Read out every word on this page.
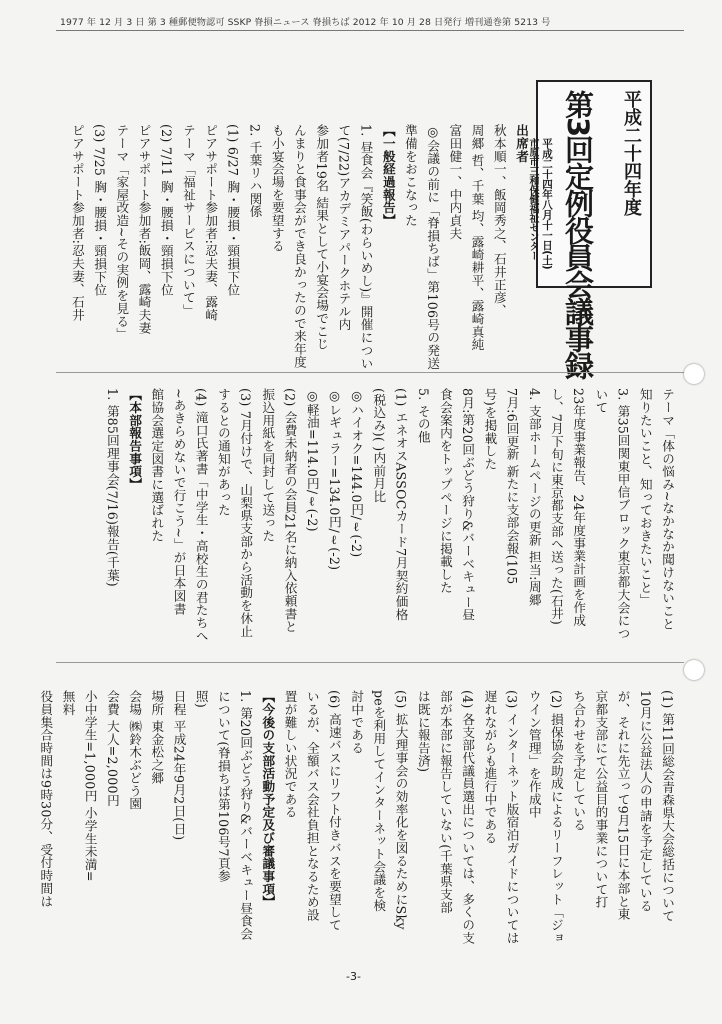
1977 年 12 月 3 日 第 3 種郵便物認可 SSKP 脊損ニュース 脊損ちば 2012 年 10 月 28 日発行 増刊通巻第 5213 号
平成二十四年度
第3回定例役員会議事録
平成二十四年八月十一日(土)
市原市三和保健福祉センター

出席者

秋本順一、飯岡秀之、石井正彦、

周郷 哲、千葉 均、露崎耕平、露崎真純

富田健一、中内貞夫

◎会議の前に「脊損ちば」第106号の発送

準備をおこなった

【一般経過報告】

1. 昼食会『笑飯(わらいめし)』開催につい

て(7/22)アカデミアパークホテル内

参加者19名 結果として小宴会場でこじ

んまりと食事会ができ良かったので来年度

も小宴会場を要望する

2. 千葉リハ関係

(1) 6/27 胸・腰損・頸損下位

ピアサポート参加者:忍夫妻、露崎

テーマ「福祉サービスについて」

(2) 7/11 胸・腰損・頸損下位

ピアサポート参加者:飯岡、露崎夫妻

テーマ「家屋改造~その実例を見る」

(3) 7/25 胸・腰損・頸損下位

ピアサポート参加者:忍夫妻、石井

テーマ「体の悩み~なかなか聞けないこと

知りたいこと、知っておきたいこと」

3. 第35回関東甲信ブロック東京都大会につ

いて

23年度事業報告、24年度事業計画を作成

し、7月下旬に東京都支部へ送った(石井)

4. 支部ホームページの更新 担当:周郷

7月:6回更新 新たに支部会報(105

号)を掲載した

8月:第20回ぶどう狩り&バーベキュー昼

食会案内をトップページに掲載した

5. その他

(1) エネオスASSOCカード7月契約価格

(税込み)( )内前月比

◎ハイオク=144.0円/ℓ(-2)

◎レギュラー=134.0円/ℓ(-2)

◎軽油=114.0円/ℓ(-2)

(2) 会費未納者の会員21名に納入依頼書と

振込用紙を同封して送った

(3) 7月付けで、山梨県支部から活動を休止

するとの通知があった

(4) 滝口氏著書「中学生・高校生の君たちへ

~あきらめないで行こう~」が日本図書

館協会選定図書に選ばれた

【本部報告事項】

1. 第85回理事会(7/16)報告(千葉)

(1) 第11回総会青森県大会総括について

10月に公益法人の申請を予定している

が、それに先立って9月15日に本部と東

京都支部にて公益目的事業について打

ち合わせを予定している

(2) 損保協会助成によるリーフレット「ジョ

ウイン管理」を作成中

(3) インターネット版宿泊ガイドについては

遅れながらも進行中である

(4) 各支部代議員選出については、多くの支

部が本部に報告していない(千葉県支部

は既に報告済)

(5) 拡大理事会の効率化を図るためにSky

peを利用してインターネット会議を検

討中である

(6) 高速バスにリフト付きバスを要望して

いるが、全額バス会社負担となるため設

置が難しい状況である

【今後の支部活動予定及び審議事項】

1. 第20回ぶどう狩り&バーベキュー昼食会

について(脊損ちば第106号7頁参

照)

日程 平成24年9月2日(日)

場所 東金松之郷

会場 ㈱鈴木ぶどう園

会費 大人=2,000円

小中学生=1,000円 小学生未満=

無料

役員集合時間は9時30分、受付時間は

-3-
